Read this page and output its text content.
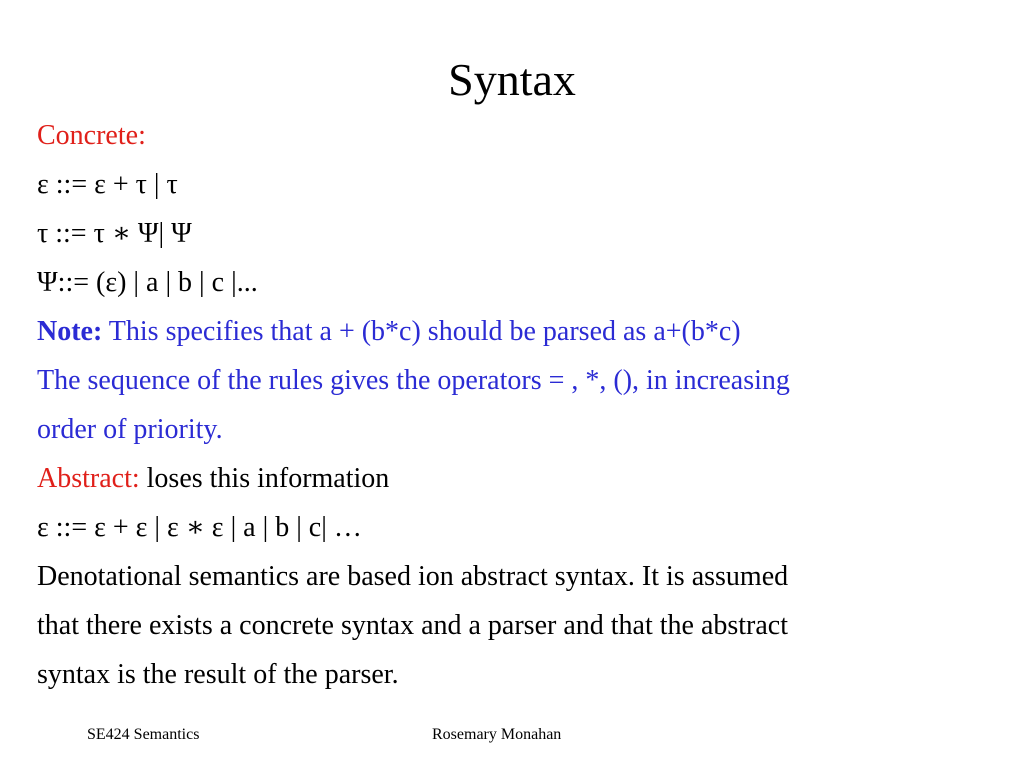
Syntax
Concrete:
ε ::= ε + τ | τ
τ ::= τ ∗ Ψ| Ψ
Ψ::= (ε) | a | b | c |...
Note: This specifies that a + (b*c) should be parsed as a+(b*c)
The sequence of the rules gives the operators = , *, (), in increasing
order of priority.
Abstract: loses this information
ε ::= ε + ε | ε ∗ ε | a | b | c| …
Denotational semantics are based ion abstract syntax. It is assumed
that there exists a concrete syntax and a parser and that the abstract
syntax is the result of the parser.
SE424 Semantics	Rosemary Monahan
